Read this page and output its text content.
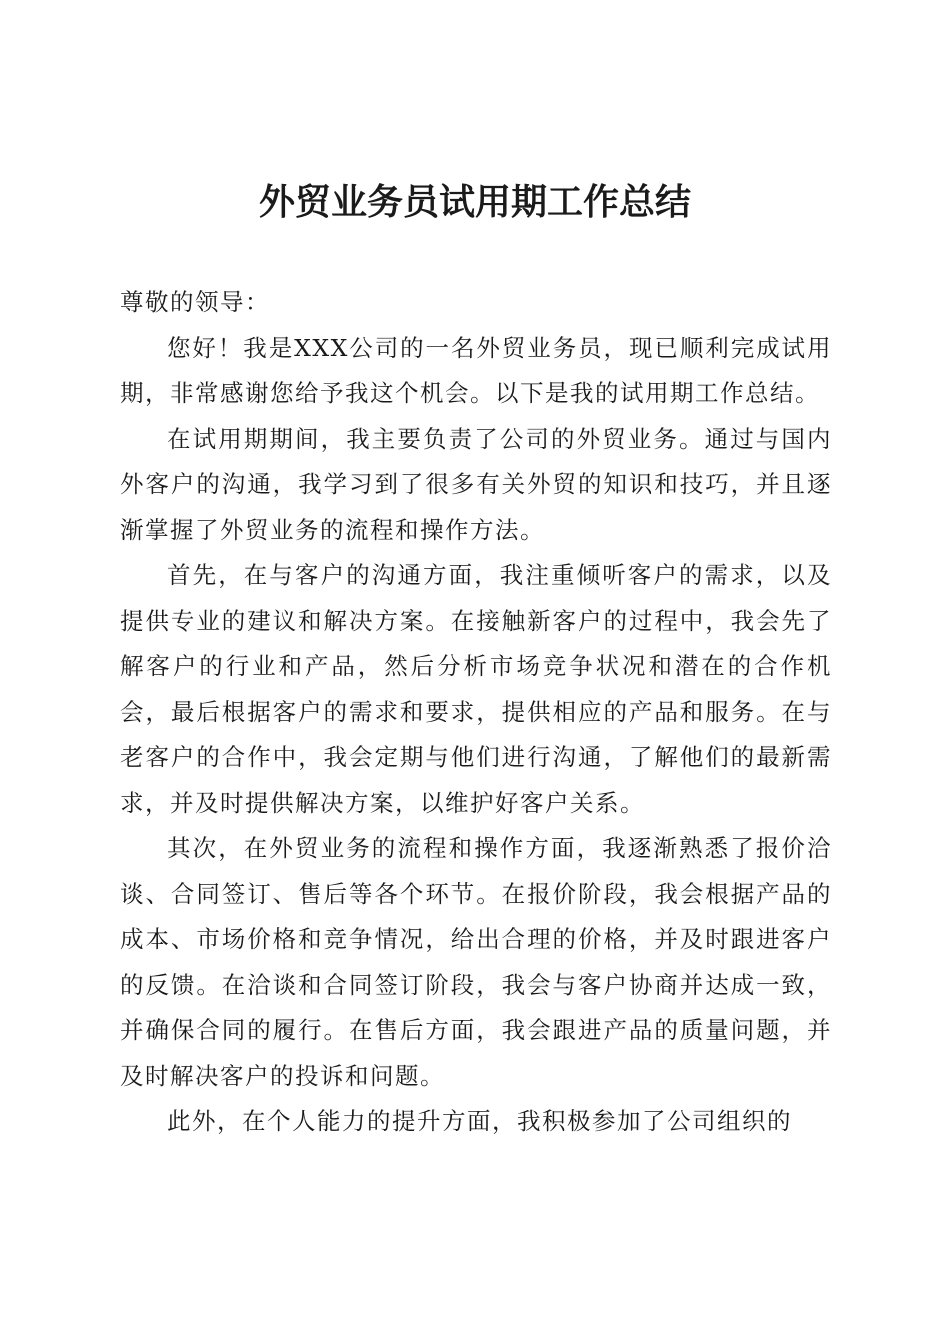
外贸业务员试用期工作总结

尊敬的领导：

您好！我是XXX公司的一名外贸业务员，现已顺利完成试用期，非常感谢您给予我这个机会。以下是我的试用期工作总结。

在试用期期间，我主要负责了公司的外贸业务。通过与国内外客户的沟通，我学习到了很多有关外贸的知识和技巧，并且逐渐掌握了外贸业务的流程和操作方法。

首先，在与客户的沟通方面，我注重倾听客户的需求，以及提供专业的建议和解决方案。在接触新客户的过程中，我会先了解客户的行业和产品，然后分析市场竞争状况和潜在的合作机会，最后根据客户的需求和要求，提供相应的产品和服务。在与老客户的合作中，我会定期与他们进行沟通，了解他们的最新需求，并及时提供解决方案，以维护好客户关系。

其次，在外贸业务的流程和操作方面，我逐渐熟悉了报价洽谈、合同签订、售后等各个环节。在报价阶段，我会根据产品的成本、市场价格和竞争情况，给出合理的价格，并及时跟进客户的反馈。在洽谈和合同签订阶段，我会与客户协商并达成一致，并确保合同的履行。在售后方面，我会跟进产品的质量问题，并及时解决客户的投诉和问题。

此外，在个人能力的提升方面，我积极参加了公司组织的
